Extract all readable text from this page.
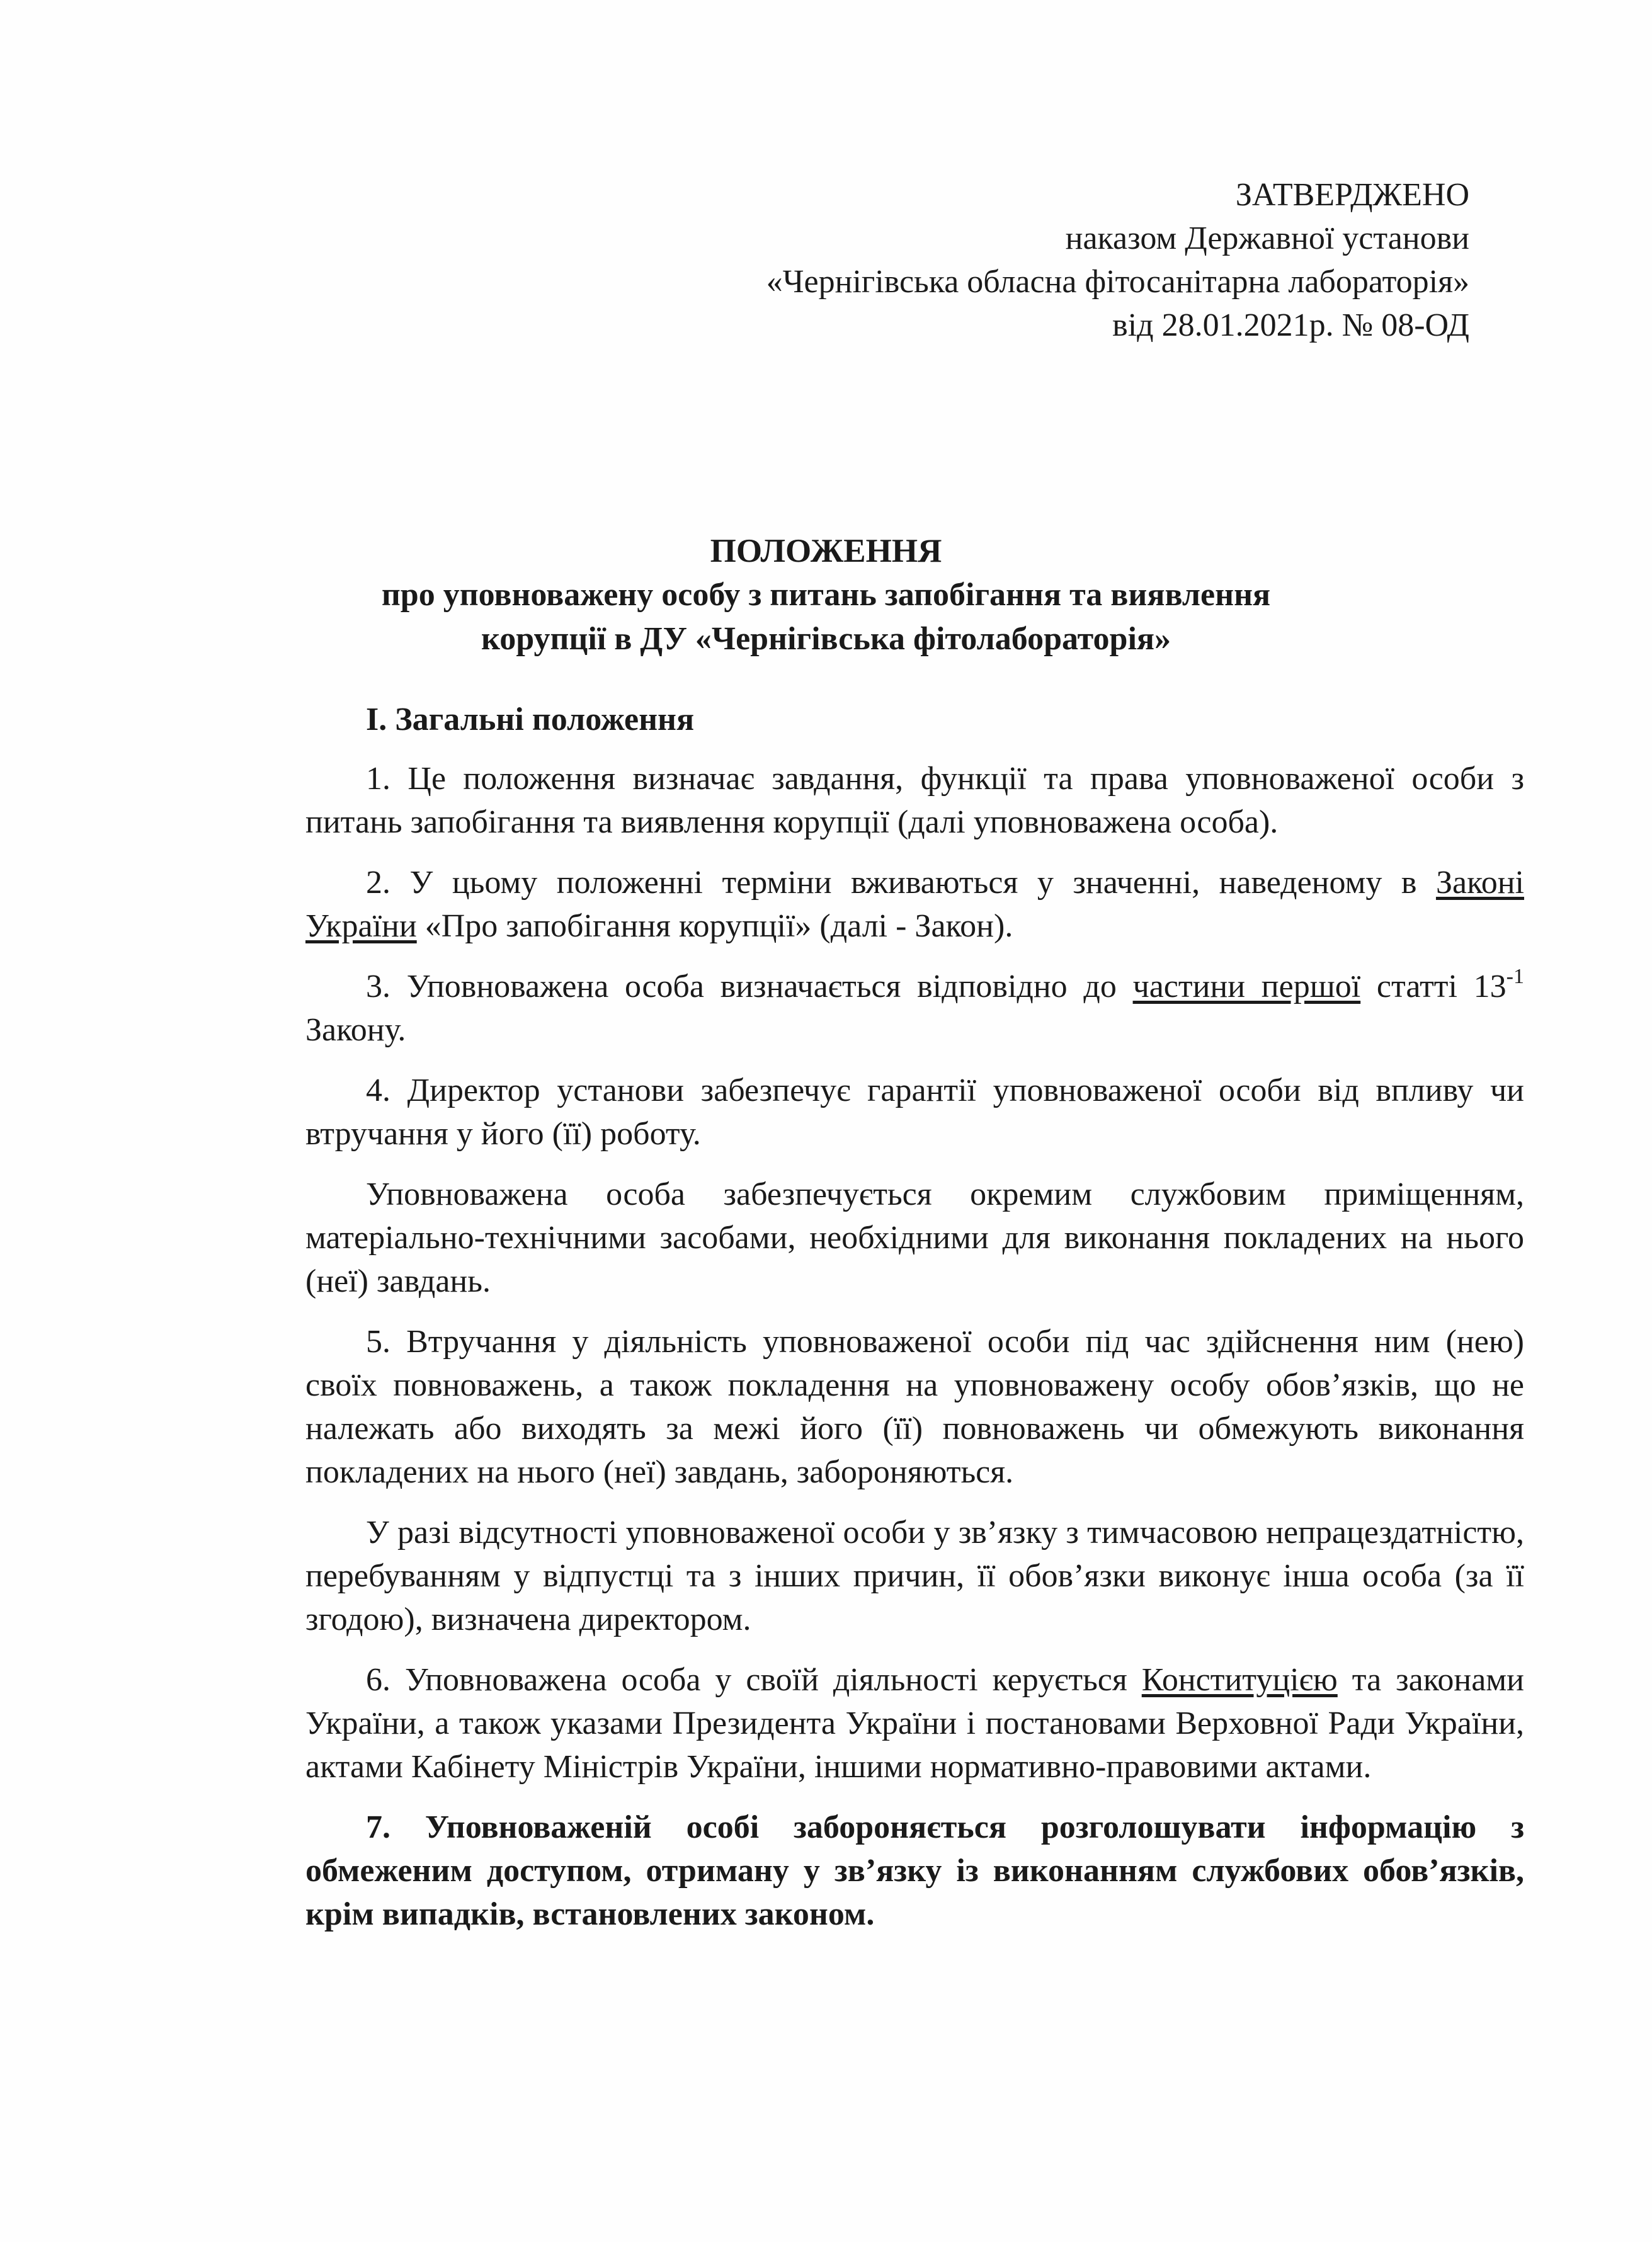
ЗАТВЕРДЖЕНО
наказом Державної установи
«Чернігівська обласна фітосанітарна лабораторія»
від 28.01.2021р. № 08-ОД
ПОЛОЖЕННЯ
про уповноважену особу з питань запобігання та виявлення
корупції в ДУ «Чернігівська фітолабораторія»
І. Загальні положення

1. Це положення визначає завдання, функції та права уповноваженої особи з питань запобігання та виявлення корупції (далі уповноважена особа).

2. У цьому положенні терміни вживаються у значенні, наведеному в Законі України «Про запобігання корупції» (далі - Закон).

3. Уповноважена особа визначається відповідно до частини першої статті $13^{-1}$ Закону.

4. Директор установи забезпечує гарантії уповноваженої особи від впливу чи втручання у його (її) роботу.

Уповноважена особа забезпечується окремим службовим приміщенням, матеріально-технічними засобами, необхідними для виконання покладених на нього (неї) завдань.

5. Втручання у діяльність уповноваженої особи під час здійснення ним (нею) своїх повноважень, а також покладення на уповноважену особу обов’язків, що не належать або виходять за межі його (її) повноважень чи обмежують виконання покладених на нього (неї) завдань, забороняються.

У разі відсутності уповноваженої особи у зв’язку з тимчасовою непрацездатністю, перебуванням у відпустці та з інших причин, її обов’язки виконує інша особа (за її згодою), визначена директором.

6. Уповноважена особа у своїй діяльності керується Конституцією та законами України, а також указами Президента України і постановами Верховної Ради України, актами Кабінету Міністрів України, іншими нормативно-правовими актами.

7. Уповноваженій особі забороняється розголошувати інформацію з обмеженим доступом, отриману у зв’язку із виконанням службових обов’язків, крім випадків, встановлених законом.
